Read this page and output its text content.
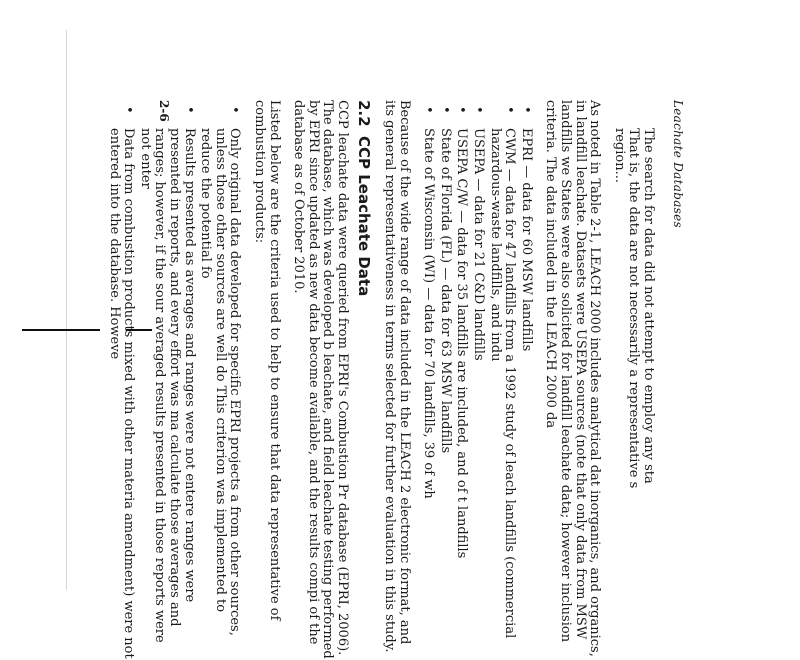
Leachate Databases

The search for data did not attempt to employ any sta
That is, the data are not necessarily a representative s
region...

As noted in Table 2-1, LEACH 2000 includes analytical dat inorganics, and organics, in landfill leachate. Datasets were USEPA sources (note that only data from MSW landfills we States were also solicited for landfill leachate data; however inclusion criteria. The data included in the LEACH 2000 da

•
EPRI — data for 60 MSW landfills
•
CWM — data for 47 landfills from a 1992 study of leach landfills (commercial hazardous-waste landfills, and indu
•
USEPA — data for 21 C&D landfills
•
USEPA C/W — data for 35 landfills are included, and of t landfills
•
State of Florida (FL) — data for 63 MSW landfills
•
State of Wisconsin (WI) — data for 70 landfills, 39 of wh

Because of the wide range of data included in the LEACH 2 electronic format, and its general representativeness in terms selected for further evaluation in this study.

2.2CCP Leachate Data

CCP leachate data were queried from EPRI's Combustion Pr database (EPRI, 2006). The database, which was developed b leachate, and field leachate testing performed by EPRI since updated as new data become available, and the results compi of the database as of October 2010.

Listed below are the criteria used to help to ensure that data representative of combustion products:

•
Only original data developed for specific EPRI projects a from other sources, unless those other sources are well do This criterion was implemented to reduce the potential fo
•
Results presented as averages and ranges were not entere ranges were presented in reports, and every effort was ma calculate those averages and ranges; however, if the sour averaged results presented in those reports were not enter
•
Data from combustion products mixed with other materia amendment) were not entered into the database. Howeve
2-6
